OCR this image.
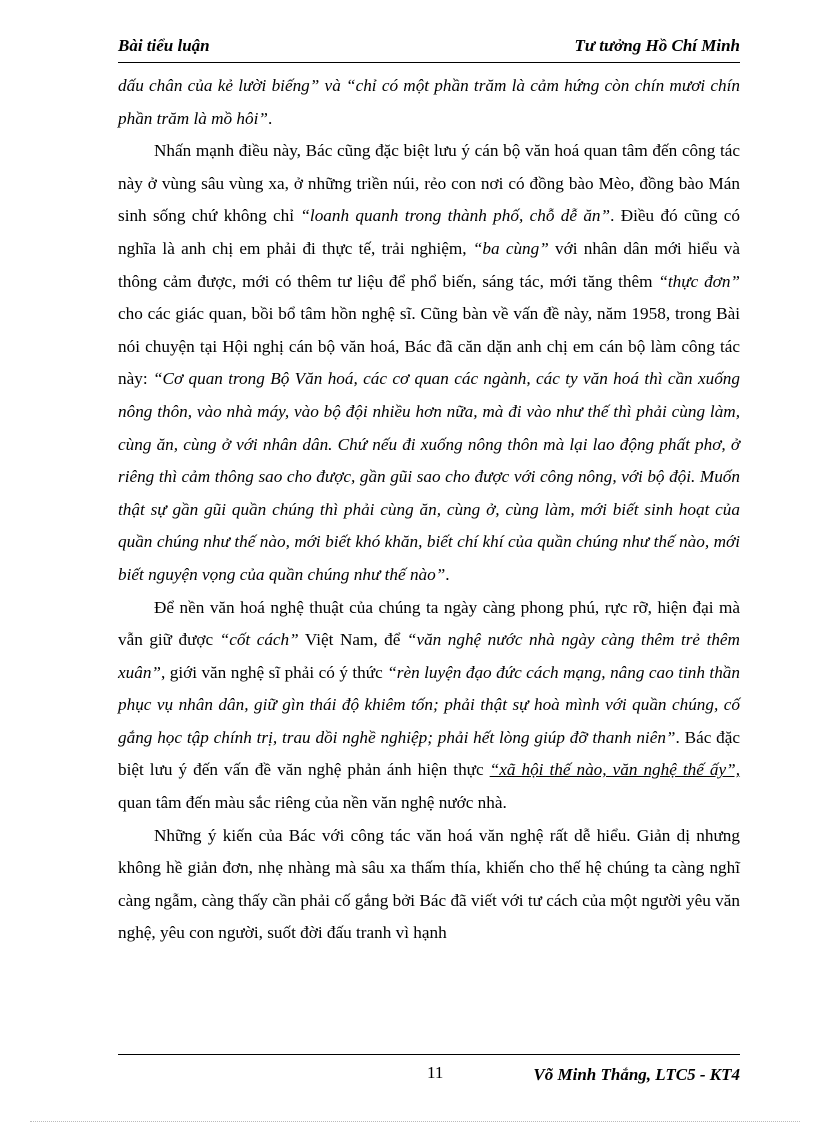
Bài tiểu luận	Tư tưởng Hồ Chí Minh

dấu chân của kẻ lười biếng” và “chỉ có một phần trăm là cảm hứng còn chín mươi chín phần trăm là mồ hôi”.

Nhấn mạnh điều này, Bác cũng đặc biệt lưu ý cán bộ văn hoá quan tâm đến công tác này ở vùng sâu vùng xa, ở những triền núi, rẻo con nơi có đồng bào Mèo, đồng bào Mán sinh sống chứ không chỉ “loanh quanh trong thành phố, chỗ dễ ăn”. Điều đó cũng có nghĩa là anh chị em phải đi thực tế, trải nghiệm, “ba cùng” với nhân dân mới hiểu và thông cảm được, mới có thêm tư liệu để phổ biến, sáng tác, mới tăng thêm “thực đơn” cho các giác quan, bồi bổ tâm hồn nghệ sĩ. Cũng bàn về vấn đề này, năm 1958, trong Bài nói chuyện tại Hội nghị cán bộ văn hoá, Bác đã căn dặn anh chị em cán bộ làm công tác này: “Cơ quan trong Bộ Văn hoá, các cơ quan các ngành, các ty văn hoá thì cần xuống nông thôn, vào nhà máy, vào bộ đội nhiều hơn nữa, mà đi vào như thế thì phải cùng làm, cùng ăn, cùng ở với nhân dân. Chứ nếu đi xuống nông thôn mà lại lao động phất phơ, ở riêng thì cảm thông sao cho được, gần gũi sao cho được với công nông, với bộ đội. Muốn thật sự gần gũi quần chúng thì phải cùng ăn, cùng ở, cùng làm, mới biết sinh hoạt của quần chúng như thế nào, mới biết khó khăn, biết chí khí của quần chúng như thế nào, mới biết nguyện vọng của quần chúng như thế nào”.

Để nền văn hoá nghệ thuật của chúng ta ngày càng phong phú, rực rỡ, hiện đại mà vẫn giữ được “cốt cách” Việt Nam, để “văn nghệ nước nhà ngày càng thêm trẻ thêm xuân”, giới văn nghệ sĩ phải có ý thức “rèn luyện đạo đức cách mạng, nâng cao tinh thần phục vụ nhân dân, giữ gìn thái độ khiêm tốn; phải thật sự hoà mình với quần chúng, cố gắng học tập chính trị, trau dồi nghề nghiệp; phải hết lòng giúp đỡ thanh niên”. Bác đặc biệt lưu ý đến vấn đề văn nghệ phản ánh hiện thực “xã hội thế nào, văn nghệ thế ấy”, quan tâm đến màu sắc riêng của nền văn nghệ nước nhà.

Những ý kiến của Bác với công tác văn hoá văn nghệ rất dễ hiểu. Giản dị nhưng không hề giản đơn, nhẹ nhàng mà sâu xa thấm thía, khiến cho thế hệ chúng ta càng nghĩ càng ngẫm, càng thấy cần phải cố gắng bởi Bác đã viết với tư cách của một người yêu văn nghệ, yêu con người, suốt đời đấu tranh vì hạnh

11	Võ Minh Thắng, LTC5 - KT4
